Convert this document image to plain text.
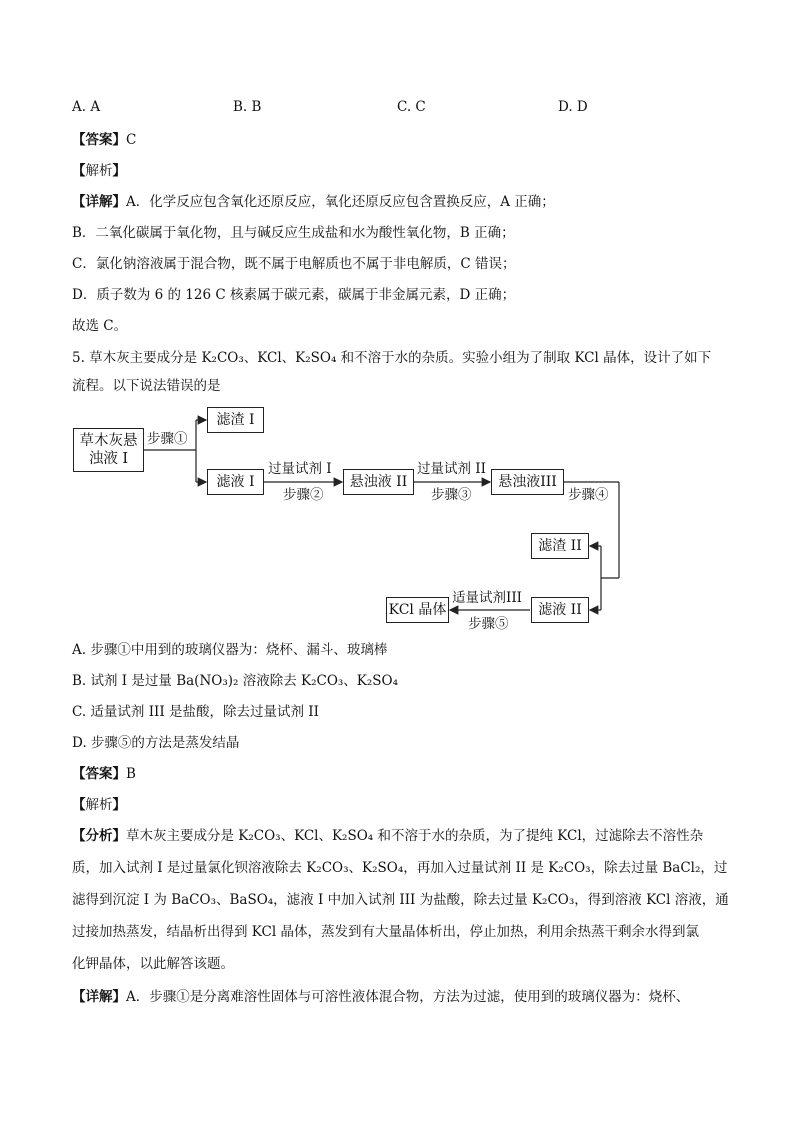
A. A	B. B	C. C	D. D
【答案】C
【解析】
【详解】A．化学反应包含氧化还原反应，氧化还原反应包含置换反应，A 正确；
B．二氧化碳属于氧化物，且与碱反应生成盐和水为酸性氧化物，B 正确；
C．氯化钠溶液属于混合物，既不属于电解质也不属于非电解质，C 错误；
D．质子数为 6 的 126 C 核素属于碳元素，碳属于非金属元素，D 正确；
故选 C。
5. 草木灰主要成分是 K₂CO₃、KCl、K₂SO₄ 和不溶于水的杂质。实验小组为了制取 KCl 晶体，设计了如下
流程。以下说法错误的是
草木灰悬浊液 I
滤渣 I
滤液 I	悬浊液 II	悬浊液III
滤渣 II
滤液 II
KCl 晶体
步骤①
过量试剂 I
步骤②
过量试剂 II
步骤③	步骤④
适量试剂III
步骤⑤
A. 步骤①中用到的玻璃仪器为：烧杯、漏斗、玻璃棒
B. 试剂 I 是过量 Ba(NO₃)₂ 溶液除去 K₂CO₃、K₂SO₄
C. 适量试剂 III 是盐酸，除去过量试剂 II
D. 步骤⑤的方法是蒸发结晶
【答案】B
【解析】
【分析】草木灰主要成分是 K₂CO₃、KCl、K₂SO₄ 和不溶于水的杂质，为了提纯 KCl，过滤除去不溶性杂
质，加入试剂 I 是过量氯化钡溶液除去 K₂CO₃、K₂SO₄，再加入过量试剂 II 是 K₂CO₃，除去过量 BaCl₂，过
滤得到沉淀 I 为 BaCO₃、BaSO₄，滤液 I 中加入试剂 III 为盐酸，除去过量 K₂CO₃，得到溶液 KCl 溶液，通
过接加热蒸发，结晶析出得到 KCl 晶体，蒸发到有大量晶体析出，停止加热，利用余热蒸干剩余水得到氯
化钾晶体，以此解答该题。
【详解】A．步骤①是分离难溶性固体与可溶性液体混合物，方法为过滤，使用到的玻璃仪器为：烧杯、
